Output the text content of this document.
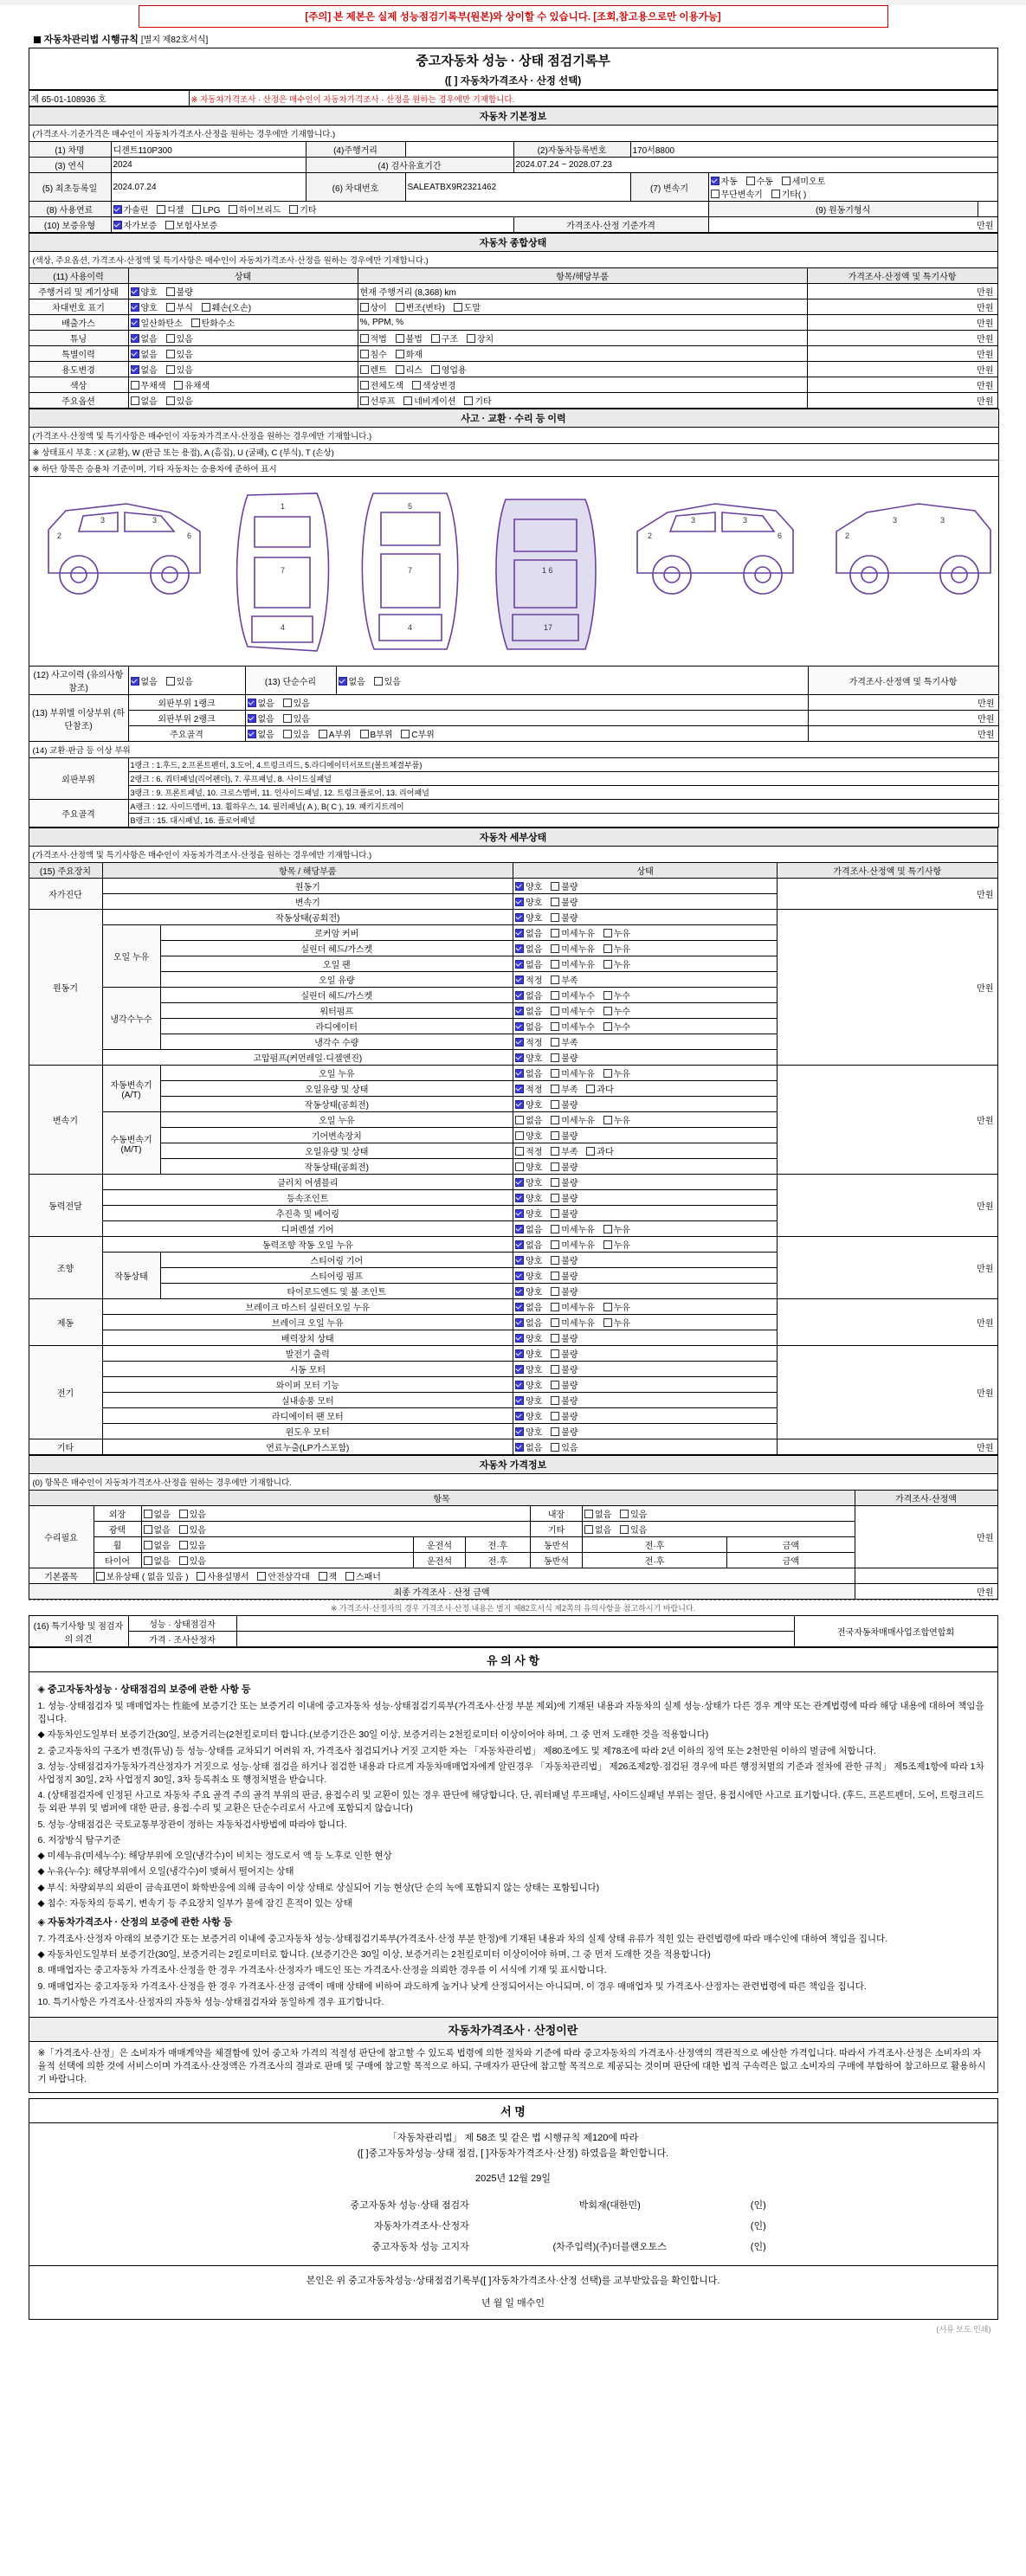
[주의] 본 제본은 실제 성능점검기록부(원본)와 상이할 수 있습니다. [조회,참고용으로만 이용가능]
자동차관리법 시행규칙 [별지 제82호서식]
중고자동차 성능 · 상태 점검기록부
([ ] 자동차가격조사 · 산정 선택)
제 65-01-108936 호	※ 자동차가격조사 · 산정은 매수인이 자동차가격조사 · 산정을 원하는 경우에만 기재합니다.
자동차 기본정보							
(가격조사·기준가격은 매수인이 자동차가격조사·산정을 원하는 경우에만 기재합니다.)							
(1) 차명	디젠트110P300	(4)주행거리		(2)자동차등록번호	170서8800		
(3) 연식	2024	(4) 검사유효기간		2024.07.24 ~ 2028.07.23			
(5) 최초등록일	2024.07.24	(6) 차대번호	SALEATBX9R2321462		(7) 변속기	자동 수동 세미오토
무단변속기 기타( )	
(8) 사용연료	가솔린 디젤 LPG 하이브리드 기타					(9) 원동기형식	
(10) 보증유형	자가보증 보험사보증			가격조사·산정 기준가격		만원	
자동차 종합상태			
(색상, 주요옵션, 가격조사·산정액 및 특기사항은 매수인이 자동차가격조사·산정을 원하는 경우에만 기재합니다.)			
(11) 사용이력	상태	항목/해당부품	가격조사·산정액 및 특기사항
주행거리 및 계기상태	양호 불량	현재 주행거리 (8,368) km	만원
차대번호 표기	양호 부식 훼손(오손)	상이 변조(변타) 도말	만원
배출가스	일산화탄소 탄화수소	%, PPM, %	만원
튜닝	없음 있음	적법 불법 구조 장치	만원
특별이력	없음 있음	침수 화재	만원
용도변경	없음 있음	렌트 리스 영업용	만원
색상	무채색 유채색	전체도색 색상변경	만원
주요옵션	없음 있음	선루프 네비게이션 기타	만원
사고 · 교환 · 수리 등 이력				
(가격조사·산정액 및 특기사항은 매수인이 자동차가격조사·산정을 원하는 경우에만 기재합니다.)				
※ 상태표시 부호 : X (교환), W (판금 또는 용접), A (흠집), U (굴패), C (부식), T (손상)				
※ 하단 항목은 승용차 기준이며, 기타 자동차는 승용차에 준하여 표시				

2
3	3
6
1
7
4
5
7
4
1 6
17
2
3	3
6	2
3	3

(12) 사고이력 (유의사항 참조)	없음 있음	(13) 단순수리	없음 있음	가격조사·산정액 및 특기사항
(13) 부위별 이상부위 (하단참조)	외판부위 1랭크	없음 있음		만원
	외판부위 2랭크	없음 있음		만원
	주요골격	없음 있음 A부위 B부위 C부위		만원
(14) 교환·판금 등 이상 부위				
외판부위	1랭크 : 1.후드, 2.프론트펜더, 3.도어, 4.트렁크리드, 5.라디에이터서포트(볼트체결부품)			
	2랭크 : 6. 쿼터패널(리어펜더), 7. 루프패널, 8. 사이드실패널			
	3랭크 : 9. 프론트패널, 10. 크로스멤버, 11. 인사이드패널, 12. 트렁크플로어, 13. 리어패널			
주요골격	A랭크 : 12. 사이드멤버, 13. 휠하우스, 14. 필러패널( A ), B( C ), 19. 패키지트레이			
	B랭크 : 15. 대시패널, 16. 플로어패널			
자동차 세부상태				
(가격조사·산정액 및 특기사항은 매수인이 자동차가격조사·산정을 원하는 경우에만 기재합니다.)				
(15) 주요장치	항목 / 해당부품		상태	가격조사·산정액 및 특기사항
자가진단	원동기		양호 불량	만원
	변속기		양호 불량	
원동기	작동상태(공회전)		양호 불량	만원
	오일 누유	로커암 커버	없음 미세누유 누유	
		실린더 헤드/가스켓	없음 미세누유 누유	
		오일 팬	없음 미세누유 누유	
		오일 유량	적정 부족	
	냉각수누수	실린더 헤드/가스켓	없음 미세누수 누수	
		워터펌프	없음 미세누수 누수	
		라디에이터	없음 미세누수 누수	
		냉각수 수량	적정 부족	
	고압펌프(커먼레일·디젤엔진)		양호 불량	
변속기	자동변속기(A/T)	오일 누유	없음 미세누유 누유	만원
		오일유량 및 상태	적정 부족 과다	
		작동상태(공회전)	양호 불량	
	수동변속기(M/T)	오일 누유	없음 미세누유 누유	
		기어변속장치	양호 불량	
		오일유량 및 상태	적정 부족 과다	
		작동상태(공회전)	양호 불량	
동력전달	클러치 어셈블리		양호 불량	만원
	등속조인트		양호 불량	
	추진축 및 베어링		양호 불량	
	디퍼렌셜 기어		없음 미세누유 누유	
조향	동력조향 작동 오일 누유		없음 미세누유 누유	만원
	작동상태	스티어링 기어	양호 불량	
		스티어링 펌프	양호 불량	
		타이로드엔드 및 볼 조인트	양호 불량	
제동	브레이크 마스터 실린더오일 누유		없음 미세누유 누유	만원
	브레이크 오일 누유		없음 미세누유 누유	
	배력장치 상태		양호 불량	
전기	발전기 출력		양호 불량	만원
	시동 모터		양호 불량	
	와이퍼 모터 기능		양호 불량	
	실내송풍 모터		양호 불량	
	라디에이터 팬 모터		양호 불량	
	윈도우 모터		양호 불량	
기타	연료누출(LP가스포함)		없음 있음	만원
자동차 가격정보								
(0) 항목은 매수인이 자동차가격조사·산정을 원하는 경우에만 기재합니다.								
항목								가격조사·산정액
수리필요	외장	없음 있음			내장	없음 있음		만원
	광택	없음 있음			기타	없음 있음		
	휠	없음 있음	운전석	전·후	동반석	전·후	금액	
	타이어	없음 있음	운전석	전·후	동반석	전·후	금액	
기본품목	보유상태 ( 없음 있음 ) 사용설명서 안전삼각대 잭 스패너							
최종 가격조사 · 산정 금액								만원
※ 가격조사·산정자의 경우 가격조사·산정 내용은 별지 제82호서식 제2쪽의 유의사항을 참고하시기 바랍니다.
(16) 특기사항 및 점검자의 의견	성능 · 상태점검자		전국자동차매매사업조합연합회
	가격 · 조사산정자		
유 의 사 항

◈ 중고자동차성능 · 상태점검의 보증에 관한 사항 등

1. 성능·상태점검자 및 매매업자는 性能에 보증기간 또는 보증거리 이내에 중고자동차 성능·상태점검기록부(가격조사·산정 부분 제외)에 기재된 내용과 자동차의 실제 성능·상태가 다른 경우 계약 또는 관계법령에 따라 해당 내용에 대하여 책임을 집니다.

◆ 자동차인도일부터 보증기간(30일, 보증거리는(2천킬로미터 합니다.(보증기간은 30일 이상, 보증거리는 2천킬로미터 이상이어야 하며, 그 중 먼저 도래한 것을 적용합니다)

2. 중고자동차의 구조가 변경(튜닝) 등 성능·상태를 교차되기 어려워 자, 가격조사 점검되거나 거짓 고지한 자는 「자동차관리법」 제80조에도 및 제78조에 따라 2년 이하의 징역 또는 2천만원 이하의 벌금에 처합니다.

3. 성능·상태점검자가동차가격산정자가 거짓으로 성능·상태 점검을 하거나 점검한 내용과 다르게 자동차매매업자에게 알린경우 「자동차관리법」 제26조제2항·점검된 경우에 따른 행정처벌의 기준과 절차에 관한 규칙」 제5조제1항에 따라 1차사업정지 30일, 2차 사업정지 30일, 3차 등록취소 또 행정처벌을 받습니다.

4. (상태점검자에 인정된 사고로 자동차 주요 골격 주의 골격 부위의 판금, 용접수리 및 교환이 있는 경우 판단에 해당합니다. 단, 쿼터패널 루프패널, 사이드실패널 부위는 절단, 용접시에만 사고로 표기합니다. (후드, 프론트펜더, 도어, 트렁크리드 등 외판 부위 및 범퍼에 대한 판금, 용접·수리 및 교환은 단순수리로서 사고에 포함되지 않습니다)

5. 성능·상태점검은 국토교통부장관이 정하는 자동차검사방법에 따라야 합니다.

6. 저장방식 탐구기준

◆ 미세누유(미세누수): 해당부위에 오일(냉각수)이 비치는 정도로서 액 등 노후로 인한 현상

◆ 누유(누수): 해당부위에서 오일(냉각수)이 맺혀서 떨어지는 상태

◆ 부식: 차량외부의 외판이 금속표면이 화학반응에 의해 금속이 이상 상태로 상실되어 기능 현상(단 순의 녹에 포함되지 않는 상태는 포함됩니다)

◆ 침수: 자동차의 등록기, 변속기 등 주요장치 일부가 물에 잠긴 흔적이 있는 상태

◈ 자동차가격조사 · 산정의 보증에 관한 사항 등

7. 가격조사·산정자 아래의 보증기간 또는 보증거리 이내에 중고자동차 성능·상태점검기록부(가격조사·산정 부분 한정)에 기재된 내용과 차의 실제 상태 유류가 적힌 있는 관련법령에 따라 매수인에 대하여 책임을 집니다.

◆ 자동차인도일부터 보증기간(30일, 보증거리는 2킬로미터로 합니다. (보증기간은 30일 이상, 보증거리는 2천킬로미터 이상이어야 하며, 그 중 먼저 도래한 것을 적용합니다)

8. 매매업자는 중고자동차 가격조사·산정을 한 경우 가격조사·산정자가 매도인 또는 가격조사·산정을 의뢰한 경우를 이 서식에 기재 및 표시합니다.

9. 매매업자는 중고자동차 가격조사·산정을 한 경우 가격조사·산정 금액이 매매 상태에 비하여 과도하게 높거나 낮게 산정되어서는 아니되며, 이 경우 매매업자 및 가격조사·산정자는 관련법령에 따른 책임을 집니다.

10. 특기사항은 가격조사·산정자의 자동차 성능·상태점검자와 동일하게 경우 표기합니다.

자동차가격조사 · 산정이란
※「가격조사·산정」은 소비자가 매매계약을 체결함에 있어 중고차 가격의 적절성 판단에 참고할 수 있도록 법령에 의한 절차와 기준에 따라 중고자동차의 가격조사·산정액의 객관적으로 예산한 가격입니다. 따라서 가격조사·산정은 소비자의 자율적 선택에 의한 것에 서비스이며 가격조사·산정액은 가격조사의 결과로 판매 및 구매에 참고할 목적으로 하되, 구매자가 판단에 참고할 목적으로 제공되는 것이며 판단에 대한 법적 구속력은 없고 소비자의 구매에 부합하여 참고하므로 활용하시기 바랍니다.
서 명
「자동차관리법」 제 58조 및 같은 법 시행규칙 제120에 따라
([ ]중고자동차성능·상태 점검, [ ]자동차가격조사·산정) 하였음을 확인합니다.
2025년 12월 29일
중고자동차 성능·상태 점검자	박회재(대한민)	(인)
자동차가격조사·산정자		(인)
중고자동차 성능 고지자	(차주입력)(주)더블랜오토스	(인)
본인은 위 중고자동차성능·상태점검기록부([ ]자동차가격조사·산정 선택)를 교부받았음을 확인합니다.
년 월 일 매수인
(서류 보도 인쇄)
